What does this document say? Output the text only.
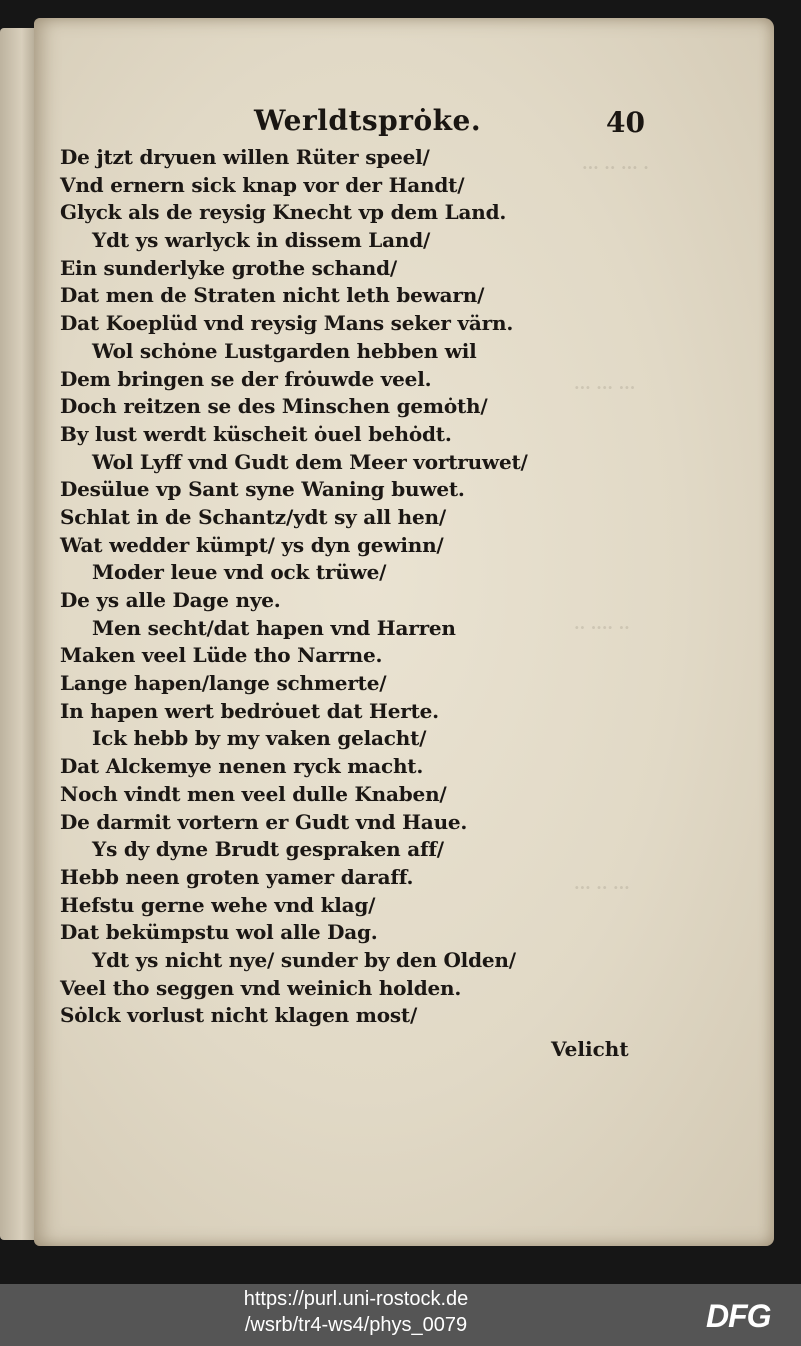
··· ·· ··· ·
··· ··· ···
·· ···· ··
··· ·· ···
Werldtsprȯke.	40
De jtzt dryuen willen Rüter speel/
Vnd ernern sick knap vor der Handt/
Glyck als de reysig Knecht vp dem Land.
Ydt ys warlyck in dissem Land/
Ein sunderlyke grothe schand/
Dat men de Straten nicht leth bewarn/
Dat Koeplüd vnd reysig Mans seker värn.
Wol schȯne Lustgarden hebben wil
Dem bringen se der frȯuwde veel.
Doch reitzen se des Minschen gemȯth/
By lust werdt küscheit ȯuel behȯdt.
Wol Lyff vnd Gudt dem Meer vortruwet/
Desülue vp Sant syne Waning buwet.
Schlat in de Schantz/ydt sy all hen/
Wat wedder kümpt/ ys dyn gewinn/
Moder leue vnd ock trüwe/
De ys alle Dage nye.
Men secht/dat hapen vnd Harren
Maken veel Lüde tho Narrne.
Lange hapen/lange schmerte/
In hapen wert bedrȯuet dat Herte.
Ick hebb by my vaken gelacht/
Dat Alckemye nenen ryck macht.
Noch vindt men veel dulle Knaben/
De darmit vortern er Gudt vnd Haue.
Ys dy dyne Brudt gespraken aff/
Hebb neen groten yamer daraff.
Hefstu gerne wehe vnd klag/
Dat bekümpstu wol alle Dag.
Ydt ys nicht nye/ sunder by den Olden/
Veel tho seggen vnd weinich holden.
Sȯlck vorlust nicht klagen most/
Velicht
https://purl.uni-rostock.de
/wsrb/tr4-ws4/phys_0079	DFG
